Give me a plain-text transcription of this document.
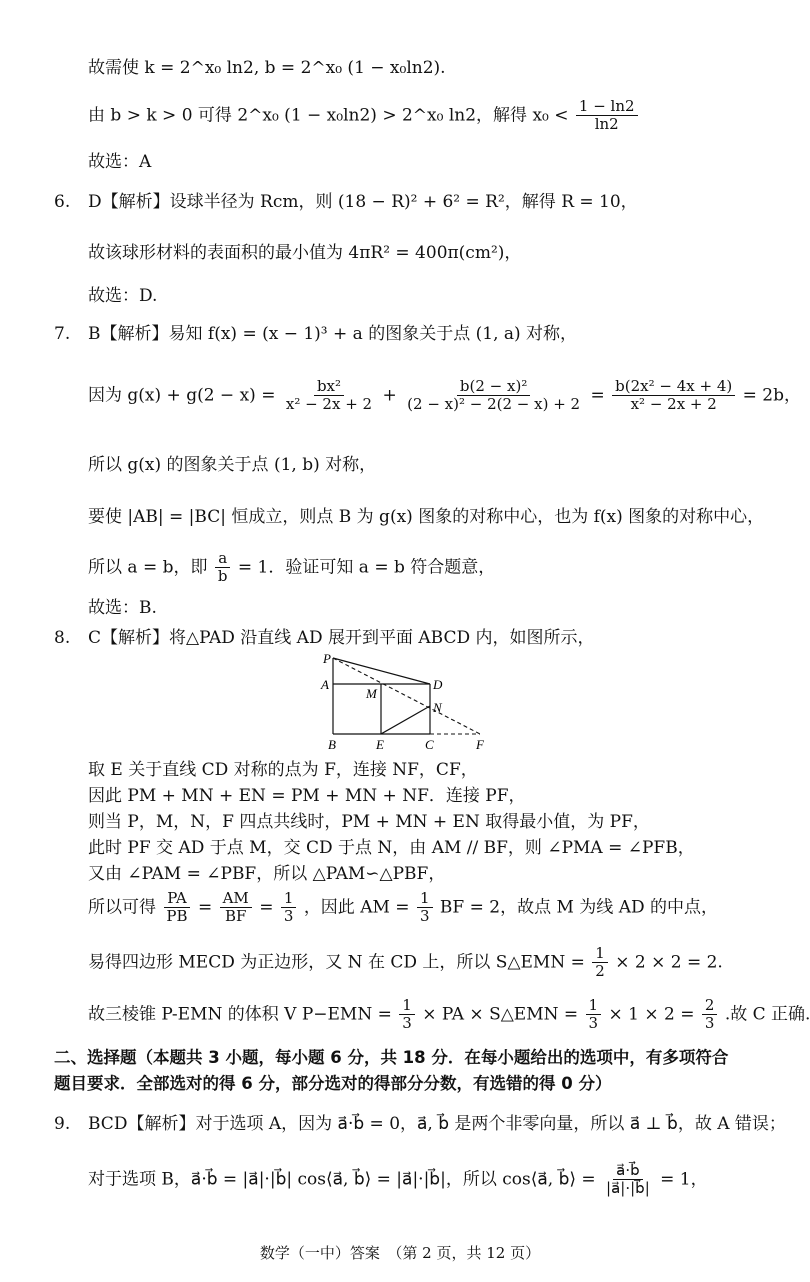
故需使 k = 2^x₀ ln2, b = 2^x₀ (1 − x₀ln2).
由 b > k > 0 可得 2^x₀ (1 − x₀ln2) > 2^x₀ ln2，解得 $x_0 < \frac{1 - \ln 2}{\ln 2}$
故选：A
6. D【解析】设球半径为 Rcm，则 (18 − R)² + 6² = R²，解得 R = 10，
故该球形材料的表面积的最小值为 4πR² = 400π(cm²)，
故选：D.
7. B【解析】易知 f(x) = (x − 1)³ + a 的图象关于点 (1, a) 对称，
因为 $g(x) + g(2 - x) = \frac{\text{bx²}}{\text{x² − 2x + 2}} + \frac{\text{b(2 − x)²}}{\text{(2 − x)² − 2(2 − x) + 2}} = \frac{\text{b(2x² − 4x + 4)}}{\text{x² − 2x + 2}} = 2b$，
所以 g(x) 的图象关于点 (1, b) 对称，
要使 |AB| = |BC| 恒成立，则点 B 为 g(x) 图象的对称中心，也为 f(x) 图象的对称中心，
所以 a = b，即 $\frac{a}{b} = 1$．验证可知 a = b 符合题意，
故选：B.
8. C【解析】将△PAD 沿直线 AD 展开到平面 ABCD 内，如图所示，
P
A
M
D
N
B	E	C	F
取 E 关于直线 CD 对称的点为 F，连接 NF，CF，
因此 PM + MN + EN = PM + MN + NF．连接 PF，
则当 P，M，N，F 四点共线时，PM + MN + EN 取得最小值，为 PF，
此时 PF 交 AD 于点 M，交 CD 于点 N，由 AM // BF，则 ∠PMA = ∠PFB，
又由 ∠PAM = ∠PBF，所以 △PAM∽△PBF，
所以可得 $\frac{PA}{PB} = \frac{AM}{BF} = \frac{1}{3}$ ，因此 AM = $\frac{1}{3}$ BF = 2，故点 M 为线 AD 的中点，
易得四边形 MECD 为正边形，又 N 在 CD 上，所以 S△EMN = $\frac{1}{2} \times 2 \times 2 = 2$.
故三棱锥 P-EMN 的体积 V $P-EMN = \frac{1}{3}$ × PA × S△EMN = $\frac{1}{3} \times 1 \times 2 = \frac{2}{3}$ .故 C 正确.
二、选择题（本题共 3 小题，每小题 6 分，共 18 分．在每小题给出的选项中，有多项符合
题目要求．全部选对的得 6 分，部分选对的得部分分数，有选错的得 0 分）
9. BCD【解析】对于选项 A，因为 a⃗·b⃗ = 0，a⃗, b⃗ 是两个非零向量，所以 a⃗ ⊥ b⃗，故 A 错误；
对于选项 B，a⃗·b⃗ = |a⃗|·|b⃗| cos⟨a⃗, b⃗⟩ = |a⃗|·|b⃗|，所以 cos⟨a⃗, b⃗⟩ = $\frac{a⃗\cdot b⃗}{|a⃗|\cdot|b⃗|} = 1$，
数学（一中）答案　（第 2 页，共 12 页）
